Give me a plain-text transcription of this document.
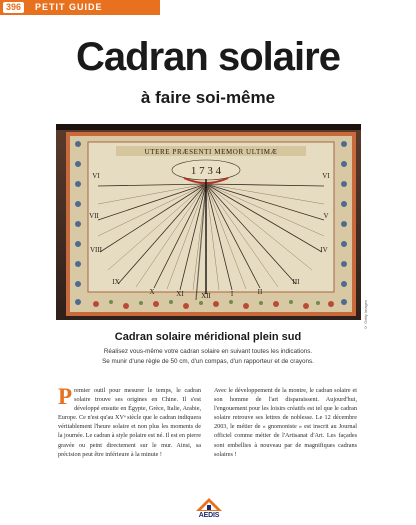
396	PETIT GUIDE
Cadran solaire
à faire soi-même
UTERE PRÆSENTI MEMOR ULTIMÆ
1 7 3 4
VI
VII
VIII
IX
X	XI XII	I	II
III
IV
V
VI
© Getty Images
Cadran solaire méridional plein sud

Réalisez vous-même votre cadran solaire en suivant toutes les indications.

Se munir d'une règle de 50 cm, d'un compas, d'un rapporteur et de crayons.

P remier outil pour mesurer le temps, le cadran solaire trouve ses origines en Chine. Il s'est développé ensuite en Égypte, Grèce, Italie, Arabie, Europe. Ce n'est qu'au XVᵉ siècle que le cadran indiquera véritablement l'heure solaire et non plus les moments de la journée. Le cadran à style polaire est né. Il est en pierre gravée ou peint directement sur le mur. Ainsi, sa précision peut être inférieure à la minute !
Avec le développement de la montre, le cadran solaire et son homme de l'art disparaissent. Aujourd'hui, l'engouement pour les loisirs créatifs est tel que le cadran solaire retrouve ses lettres de noblesse. Le 12 décembre 2003, le métier de « gnomoniste » est inscrit au Journal officiel comme métier de l'Artisanat d'Art. Les façades sont embellies à nouveau par de magnifiques cadrans solaires !
AEDIS
